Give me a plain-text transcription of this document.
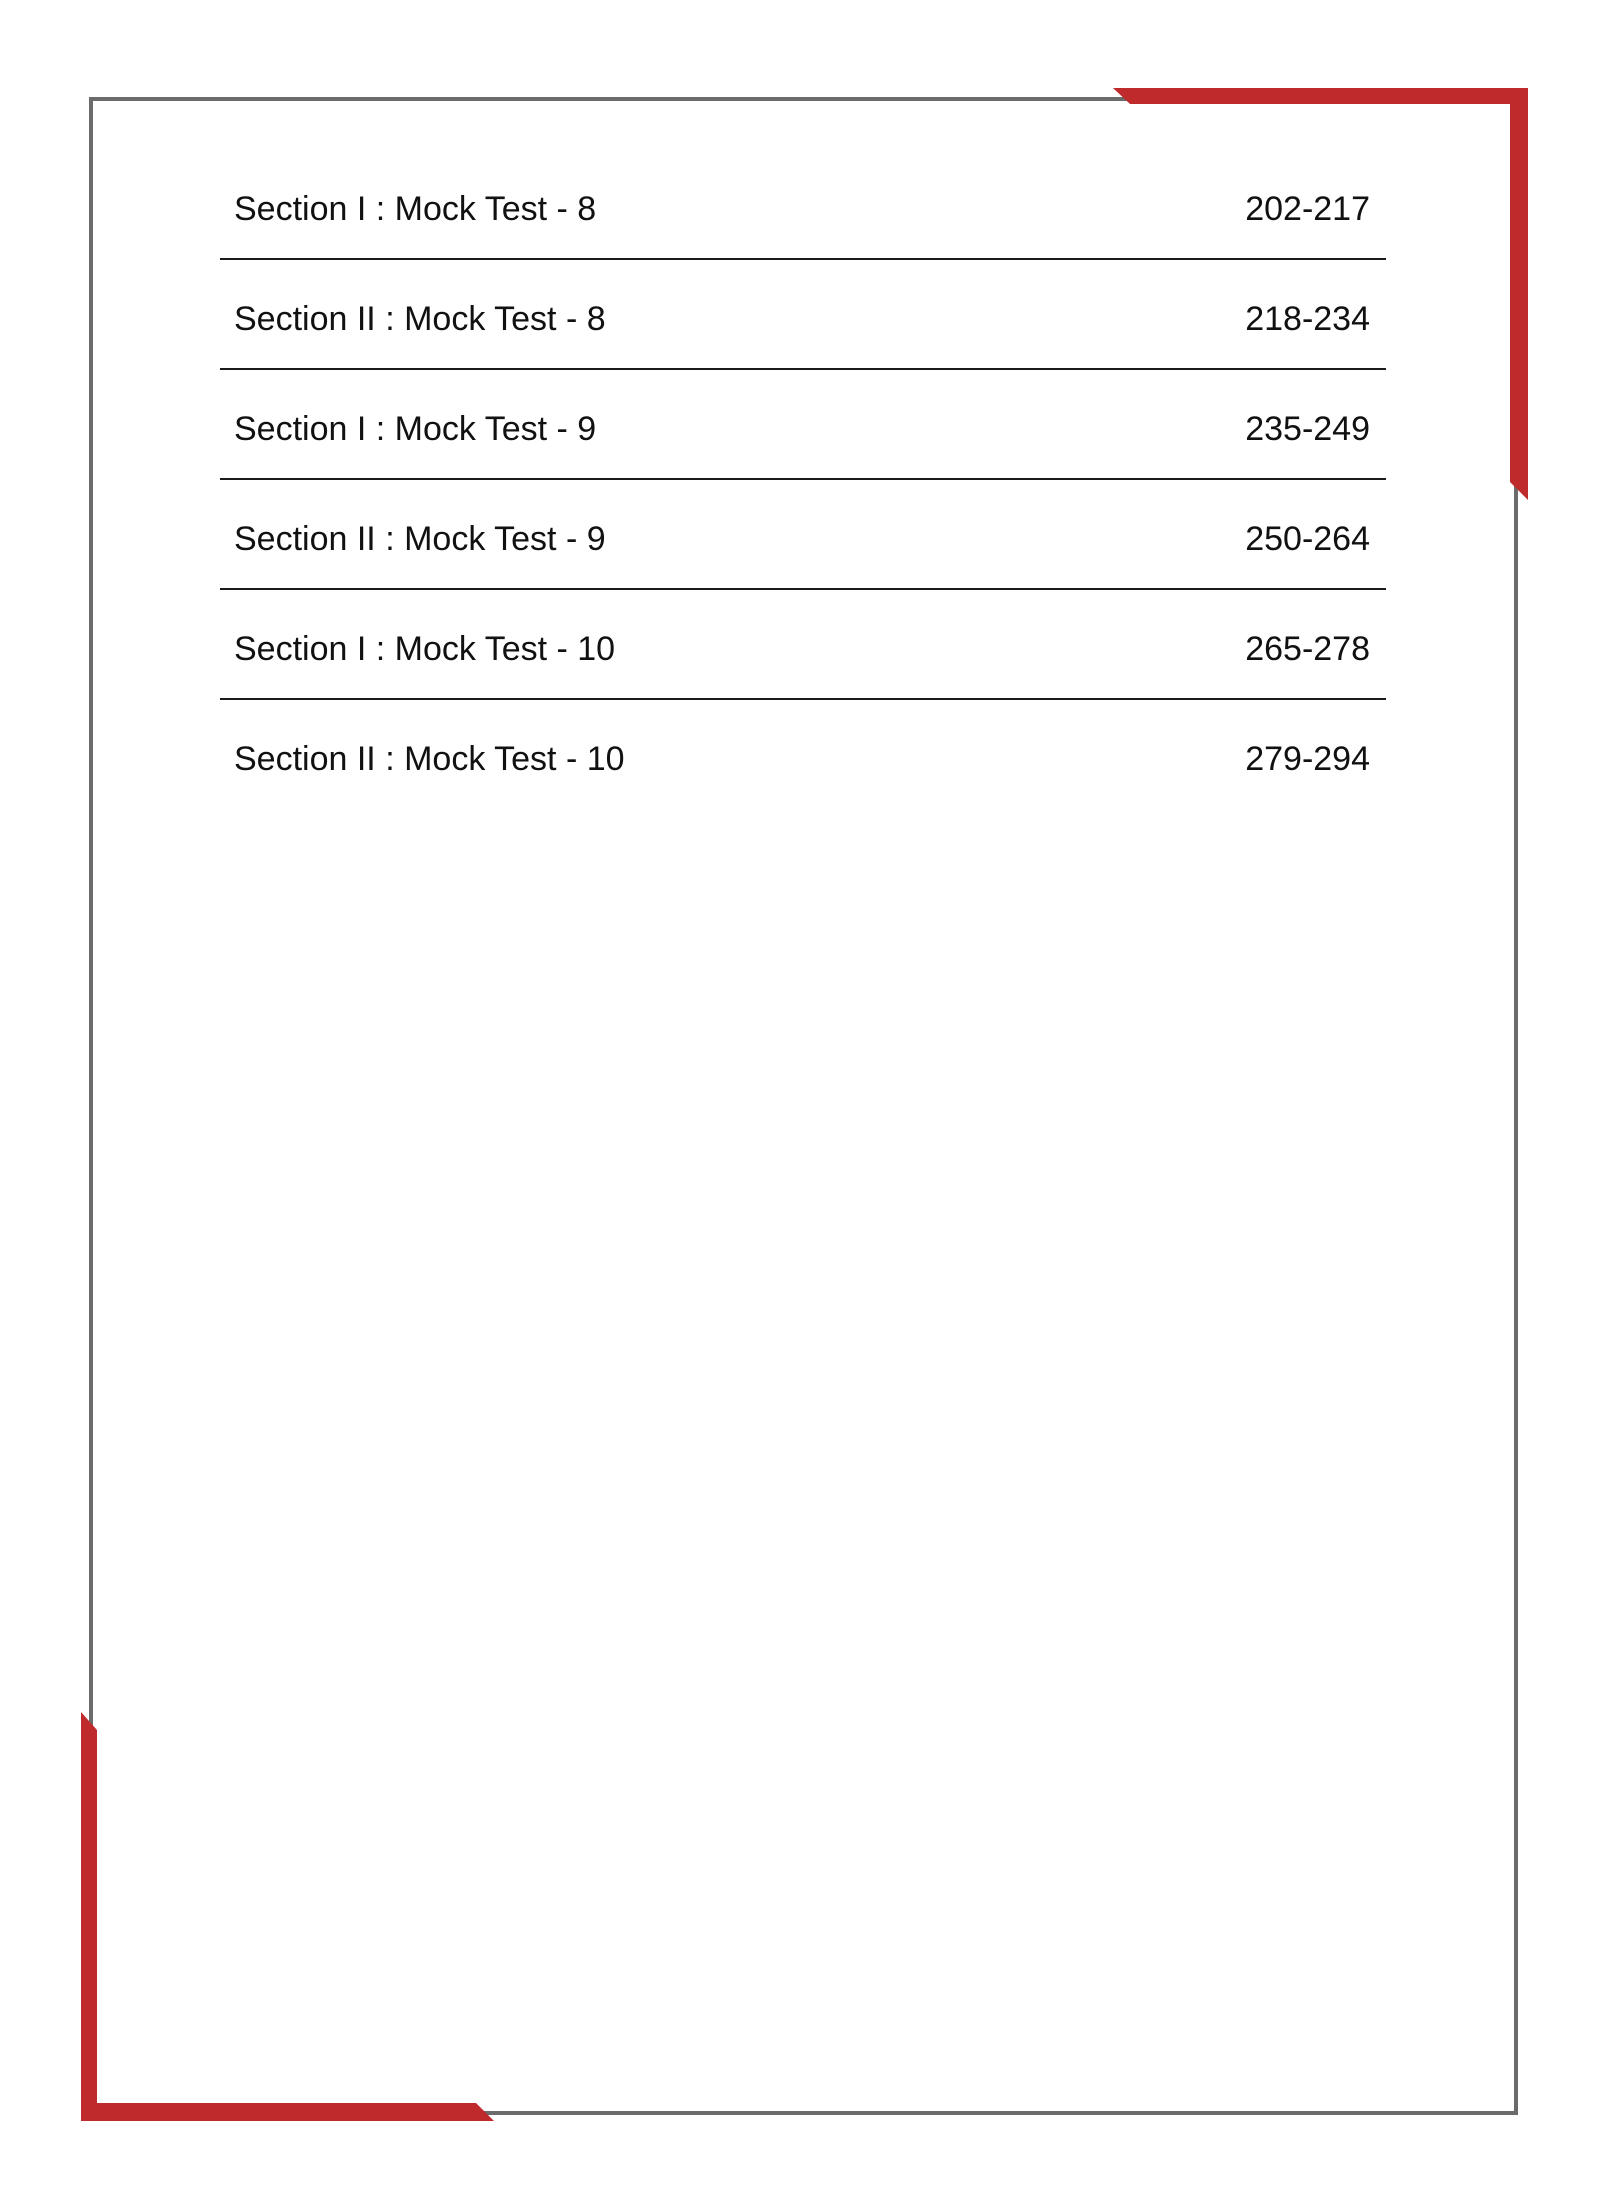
Section I : Mock Test - 8	202-217
Section II : Mock Test - 8	218-234
Section I : Mock Test - 9	235-249
Section II : Mock Test - 9	250-264
Section I : Mock Test - 10	265-278
Section II : Mock Test - 10	279-294
